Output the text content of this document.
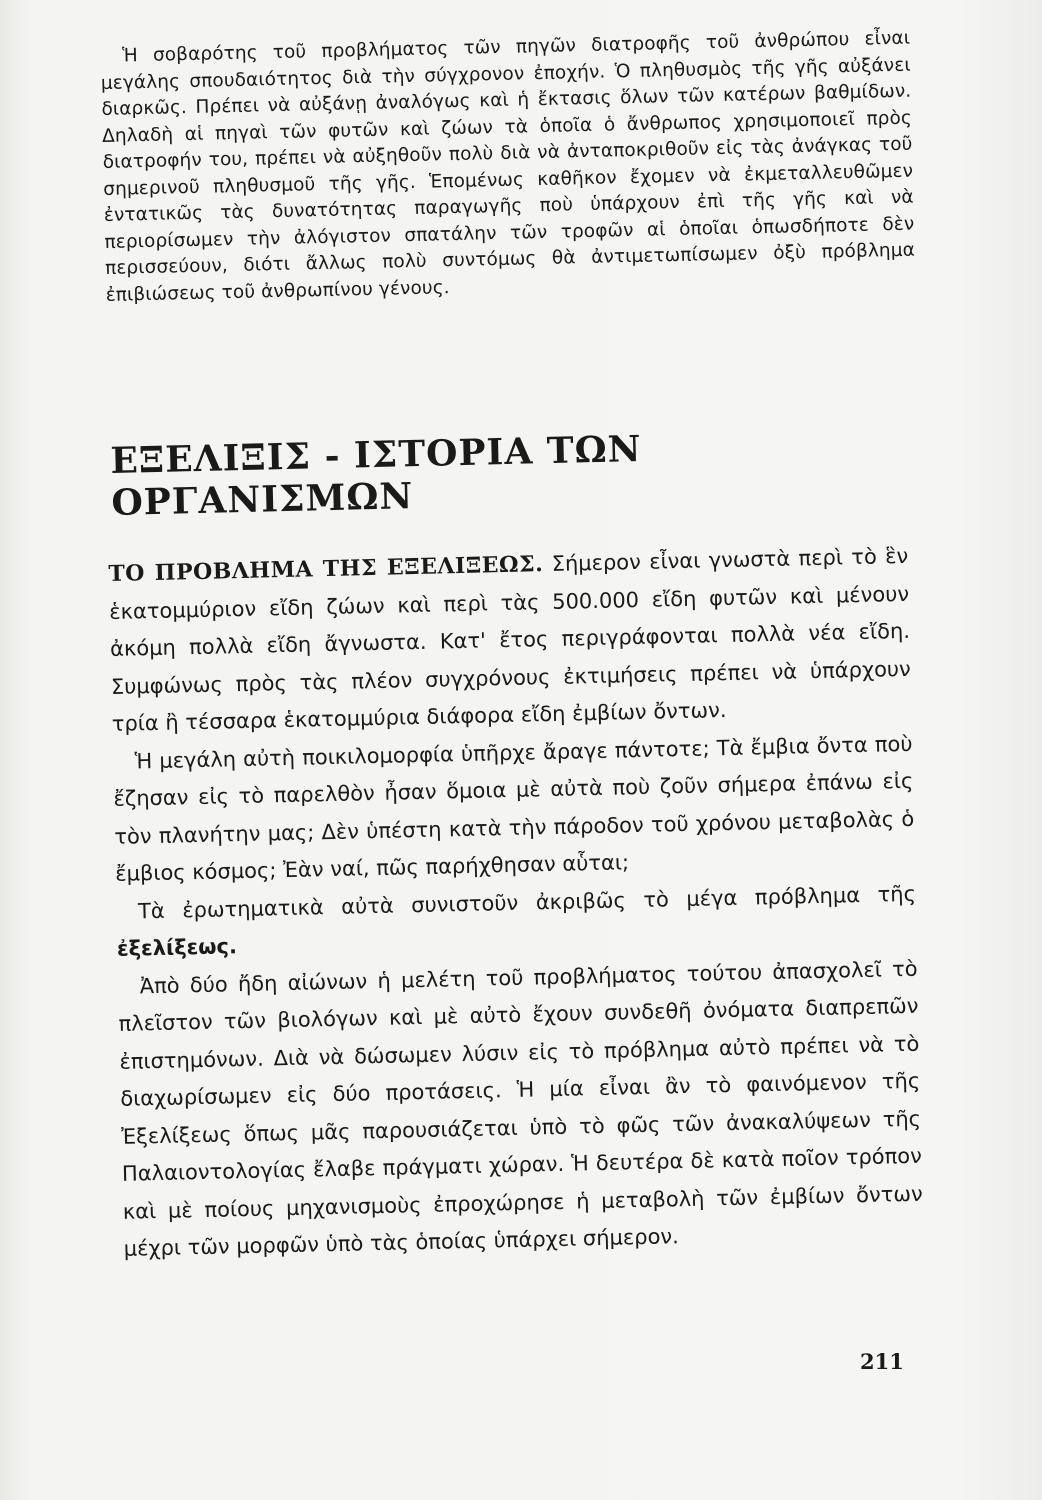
Ἡ σοβαρότης τοῦ προβλήματος τῶν πηγῶν διατροφῆς τοῦ ἀνθρώπου εἶναι μεγάλης σπουδαιότητος διὰ τὴν σύγχρονον ἐποχήν. Ὁ πληθυσμὸς τῆς γῆς αὐξάνει διαρκῶς. Πρέπει νὰ αὐξάνῃ ἀναλόγως καὶ ἡ ἔκτασις ὅλων τῶν κατέρων βαθμίδων. Δηλαδὴ αἱ πηγαὶ τῶν φυτῶν καὶ ζώων τὰ ὁποῖα ὁ ἄνθρωπος χρησιμοποιεῖ πρὸς διατροφήν του, πρέπει νὰ αὐξηθοῦν πολὺ διὰ νὰ ἀνταποκριθοῦν εἰς τὰς ἀνάγκας τοῦ σημερινοῦ πληθυσμοῦ τῆς γῆς. Ἑπομένως καθῆκον ἔχομεν νὰ ἐκμεταλλευθῶμεν ἐντατικῶς τὰς δυνατότητας παραγωγῆς ποὺ ὑπάρχουν ἐπὶ τῆς γῆς καὶ νὰ περιορίσωμεν τὴν ἀλόγιστον σπατάλην τῶν τροφῶν αἱ ὁποῖαι ὁπωσδήποτε δὲν περισσεύουν, διότι ἄλλως πολὺ συντόμως θὰ ἀντιμετωπίσωμεν ὀξὺ πρόβλημα ἐπιβιώσεως τοῦ ἀνθρωπίνου γένους.

ΕΞΕΛΙΞΙΣ - ΙΣΤΟΡΙΑ ΤΩΝ ΟΡΓΑΝΙΣΜΩΝ

ΤΟ ΠΡΟΒΛΗΜΑ ΤΗΣ ΕΞΕΛΙΞΕΩΣ. Σήμερον εἶναι γνωστὰ περὶ τὸ ἓν ἑκατομμύριον εἴδη ζώων καὶ περὶ τὰς 500.000 εἴδη φυτῶν καὶ μένουν ἀκόμη πολλὰ εἴδη ἄγνωστα. Κατ' ἔτος περιγράφονται πολλὰ νέα εἴδη. Συμφώνως πρὸς τὰς πλέον συγχρόνους ἐκτιμήσεις πρέπει νὰ ὑπάρχουν τρία ἢ τέσσαρα ἑκατομμύρια διάφορα εἴδη ἐμβίων ὄντων.

Ἡ μεγάλη αὐτὴ ποικιλομορφία ὑπῆρχε ἄραγε πάντοτε; Τὰ ἔμβια ὄντα ποὺ ἔζησαν εἰς τὸ παρελθὸν ἦσαν ὅμοια μὲ αὐτὰ ποὺ ζοῦν σήμερα ἐπάνω εἰς τὸν πλανήτην μας; Δὲν ὑπέστη κατὰ τὴν πάροδον τοῦ χρόνου μεταβολὰς ὁ ἔμβιος κόσμος; Ἐὰν ναί, πῶς παρήχθησαν αὗται;

Τὰ ἐρωτηματικὰ αὐτὰ συνιστοῦν ἀκριβῶς τὸ μέγα πρόβλημα τῆς ἐξελίξεως.

Ἀπὸ δύο ἤδη αἰώνων ἡ μελέτη τοῦ προβλήματος τούτου ἀπασχολεῖ τὸ πλεῖστον τῶν βιολόγων καὶ μὲ αὐτὸ ἔχουν συνδεθῆ ὀνόματα διαπρεπῶν ἐπιστημόνων. Διὰ νὰ δώσωμεν λύσιν εἰς τὸ πρόβλημα αὐτὸ πρέπει νὰ τὸ διαχωρίσωμεν εἰς δύο προτάσεις. Ἡ μία εἶναι ἂν τὸ φαινόμενον τῆς Ἐξελίξεως ὅπως μᾶς παρουσιάζεται ὑπὸ τὸ φῶς τῶν ἀνακαλύψεων τῆς Παλαιοντολογίας ἔλαβε πράγματι χώραν. Ἡ δευτέρα δὲ κατὰ ποῖον τρόπον καὶ μὲ ποίους μηχανισμοὺς ἐπροχώρησε ἡ μεταβολὴ τῶν ἐμβίων ὄντων μέχρι τῶν μορφῶν ὑπὸ τὰς ὁποίας ὑπάρχει σήμερον.

211
